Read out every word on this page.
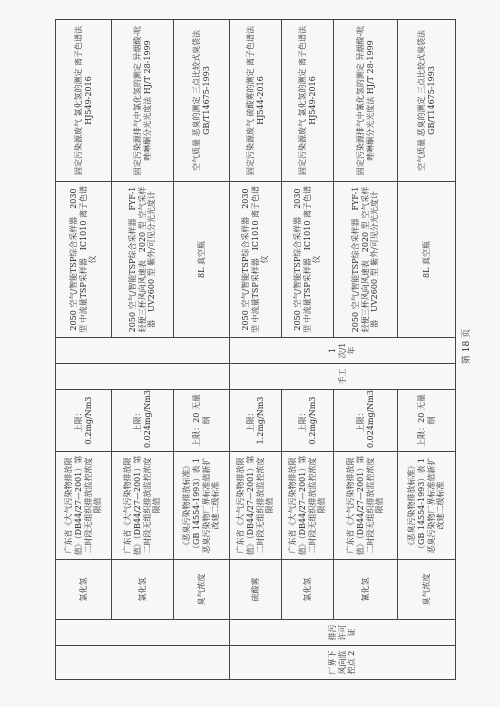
		氯化氢	广东省《大气污染物排放限值》（DB44/27—2001）第二时段无组织排放监控浓度限值	上限：0.2mg/Nm3			2050 空气/智能TSP综合采样器　2030 型 中流量TSP采样器　IC1010 离子色谱仪	固定污染源废气 氯化氢的测定 离子色谱法 HJ549-2016
		氯化氢	广东省《大气污染物排放限值》（DB44/27—2001）第二时段无组织排放监控浓度限值	上限：0.024mg/Nm3			2050 空气/智能TSP综合采样器　FYF-1 轻便三杯风向风速表　2020 型 空气采样器　UV2600 型 紫外/可见分光光度计	固定污染源排气中氯化氢的测定 异烟酸-吡唑啉酮分光光度法 HJ/T 28-1999
		臭气浓度	《恶臭污染物排放标准》（GB 14554-1993）表 1 恶臭污染物厂界标准值新扩改建二级标准	上限：20 无量纲			8L 真空瓶	空气质量 恶臭的测定 三点比较式臭袋法 GB/T14675-1993
厂界下风向监控点 2	排污许可证	硫酸雾	广东省《大气污染物排放限值》（DB44/27—2001）第二时段无组织排放监控浓度限值	上限：1.2mg/Nm3	手工	1次/1年	2050 空气/智能TSP综合采样器　2030 型 中流量TSP采样器　IC1010 离子色谱仪	固定污染源废气 硫酸雾的测定 离子色谱法 HJ544-2016
		氯化氢	广东省《大气污染物排放限值》（DB44/27—2001）第二时段无组织排放监控浓度限值	上限：0.2mg/Nm3			2050 空气/智能TSP综合采样器　2030 型 中流量TSP采样器　IC1010 离子色谱仪	固定污染源废气 氯化氢的测定 离子色谱法 HJ549-2016
		氰化氢	广东省《大气污染物排放限值》（DB44/27—2001）第二时段无组织排放监控浓度限值	上限：0.024mg/Nm3			2050 空气/智能TSP综合采样器　FYF-1 轻便三杯风向风速表　2020 型 空气采样器　UV2600 型 紫外/可见分光光度计	固定污染源排气中氰化氢的测定 异烟酸-吡唑啉酮分光光度法 HJ/T 28-1999
		臭气浓度	《恶臭污染物排放标准》（GB 14554-1993）表 1 恶臭污染物厂界标准值新扩改建二级标准	上限：20 无量纲			8L 真空瓶	空气质量 恶臭的测定 三点比较式臭袋法 GB/T14675-1993
第 18 页
